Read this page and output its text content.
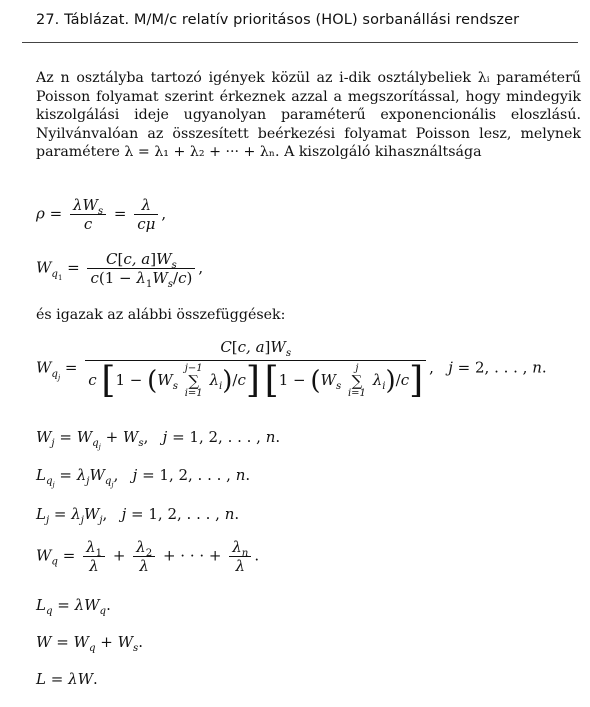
27. Táblázat. M/M/c relatív prioritásos (HOL) sorbanállási rendszer
Az n osztályba tartozó igények közül az i-dik osztálybeliek λᵢ paraméterű Poisson folyamat szerint érkeznek azzal a megszorítással, hogy mindegyik kiszolgálási ideje ugyanolyan paraméterű exponencionális eloszlású. Nyilvánvalóan az összesített beérkezési folyamat Poisson lesz, melynek paramétere λ = λ₁ + λ₂ + ··· + λₙ. A kiszolgáló kihasználtsága
$\rho = \frac{\lambda W_s}{c} = \frac{\lambda}{c\mu}$ ,
$W_{q_1} = \frac{C[c, a]W_s}{c(1 - \lambda_1W_s/c)}$ ,
és igazak az alábbi összefüggések:
$W_{q_j}$ =
C[c, $a]W_s$
c [$1 - (W_s$
j−1
∑
i=1
$\lambda_i)/c$] [$1 - (W_s$
j
∑
i=1
$\lambda_i)/c$] ,   j = 2, . . . , n.
$W_j = W_{q_j} + W_s$,   j = 1, 2, . . . , n.
$L_{q_j} = \lambda_jW_{q_j}$,   j = 1, 2, . . . , n.
$L_j = \lambda_jW_j$,   j = 1, 2, . . . , n.
$W_q = \frac{\lambda_1}{\lambda} + \frac{\lambda_2}{\lambda}$ + · · · + $\frac{\lambda_n}{\lambda}$ .
$L_q = \lambda W_q$.
$W = W_q + W_s$.
L = λW.
